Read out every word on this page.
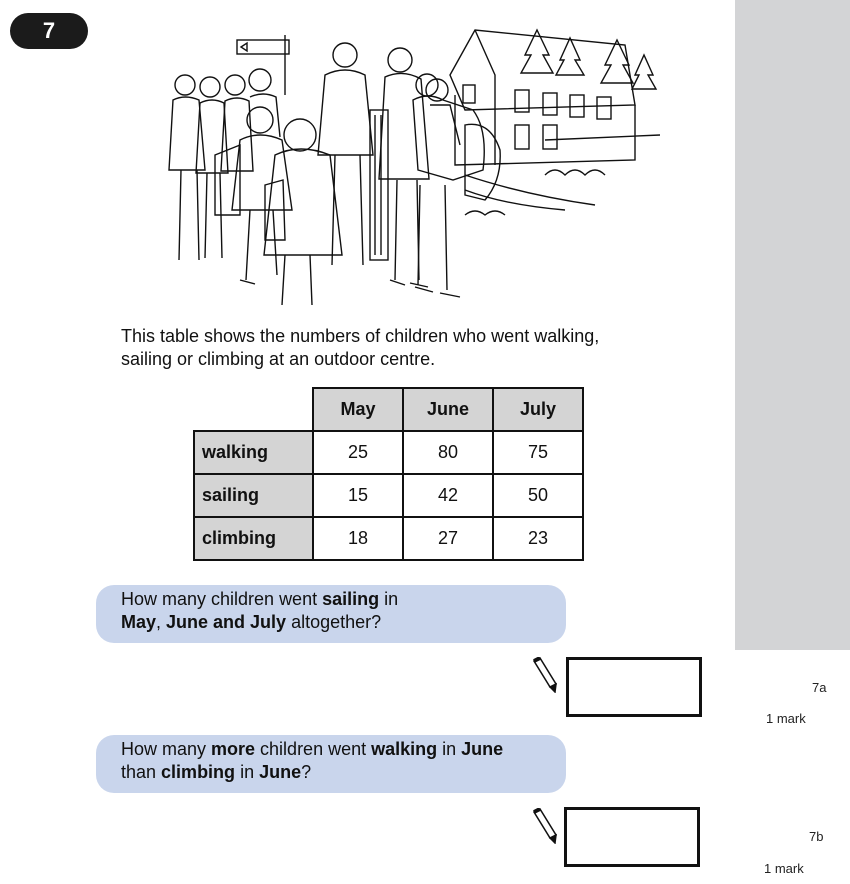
7
This table shows the numbers of children who went walking,
sailing or climbing at an outdoor centre.
	May	June	July
walking	25	80	75
sailing	15	42	50
climbing	18	27	23
How many children went sailing in
May, June and July altogether?
7a
1 mark
How many more children went walking in June
than climbing in June?
7b
1 mark
